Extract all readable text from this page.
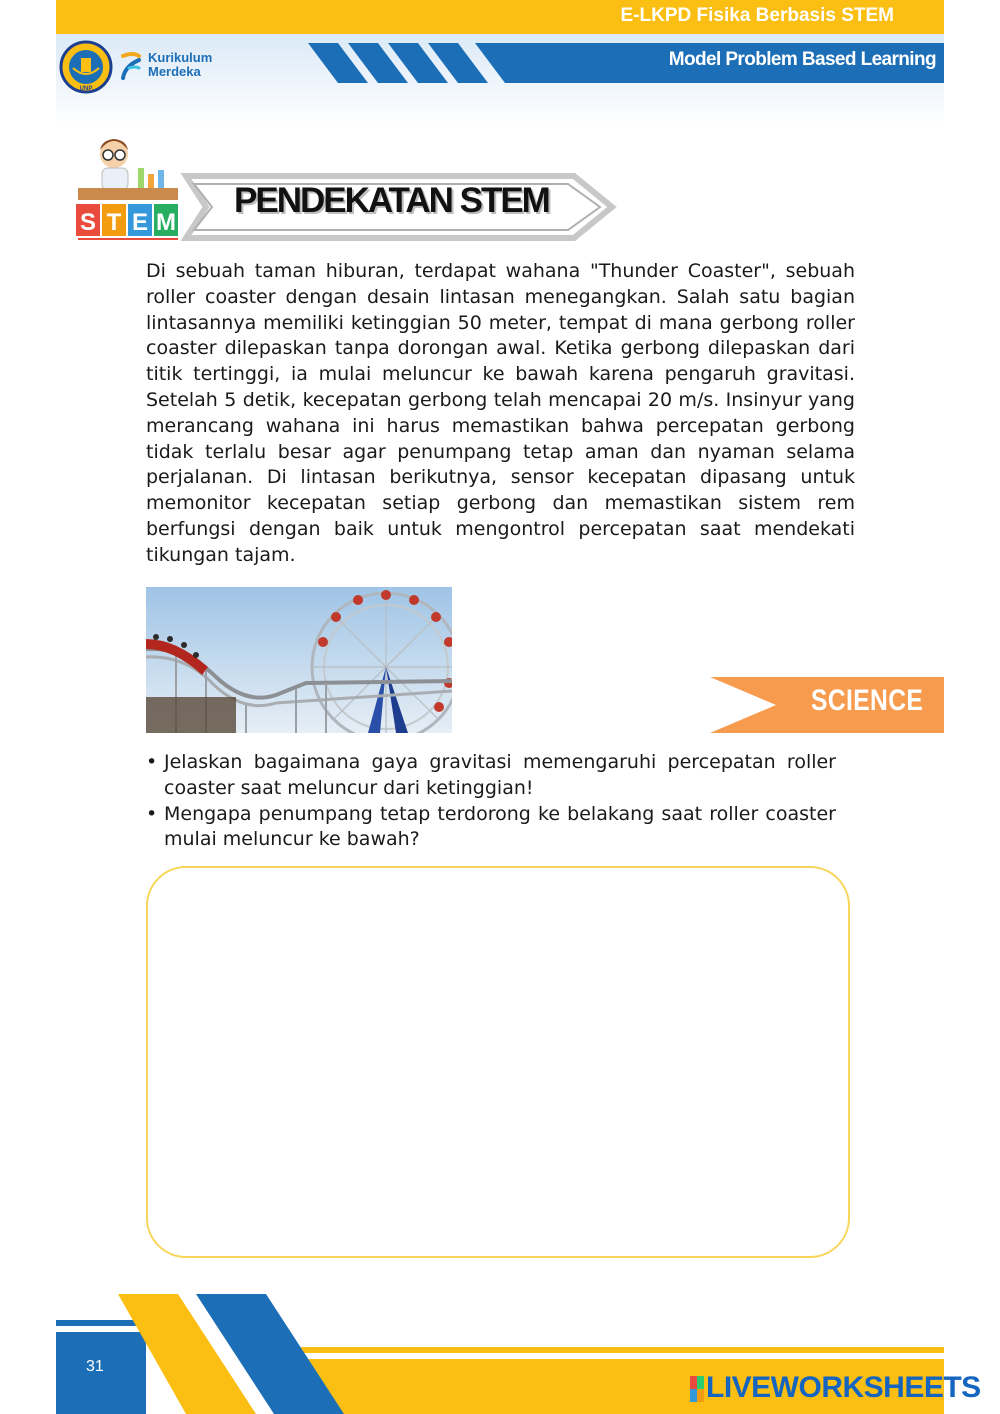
E-LKPD Fisika Berbasis STEM
Model Problem Based Learning
UNP
Kurikulum
Merdeka
S T E M
PENDEKATAN STEM

Di sebuah taman hiburan, terdapat wahana "Thunder Coaster", sebuah roller coaster dengan desain lintasan menegangkan. Salah satu bagian lintasannya memiliki ketinggian 50 meter, tempat di mana gerbong roller coaster dilepaskan tanpa dorongan awal. Ketika gerbong dilepaskan dari titik tertinggi, ia mulai meluncur ke bawah karena pengaruh gravitasi. Setelah 5 detik, kecepatan gerbong telah mencapai 20 m/s. Insinyur yang merancang wahana ini harus memastikan bahwa percepatan gerbong tidak terlalu besar agar penumpang tetap aman dan nyaman selama perjalanan. Di lintasan berikutnya, sensor kecepatan dipasang untuk memonitor kecepatan setiap gerbong dan memastikan sistem rem berfungsi dengan baik untuk mengontrol percepatan saat mendekati tikungan tajam.

SCIENCE
• Jelaskan bagaimana gaya gravitasi memengaruhi percepatan roller coaster saat meluncur dari ketinggian!
• Mengapa penumpang tetap terdorong ke belakang saat roller coaster mulai meluncur ke bawah?
31
LIVEWORKSHEETS
